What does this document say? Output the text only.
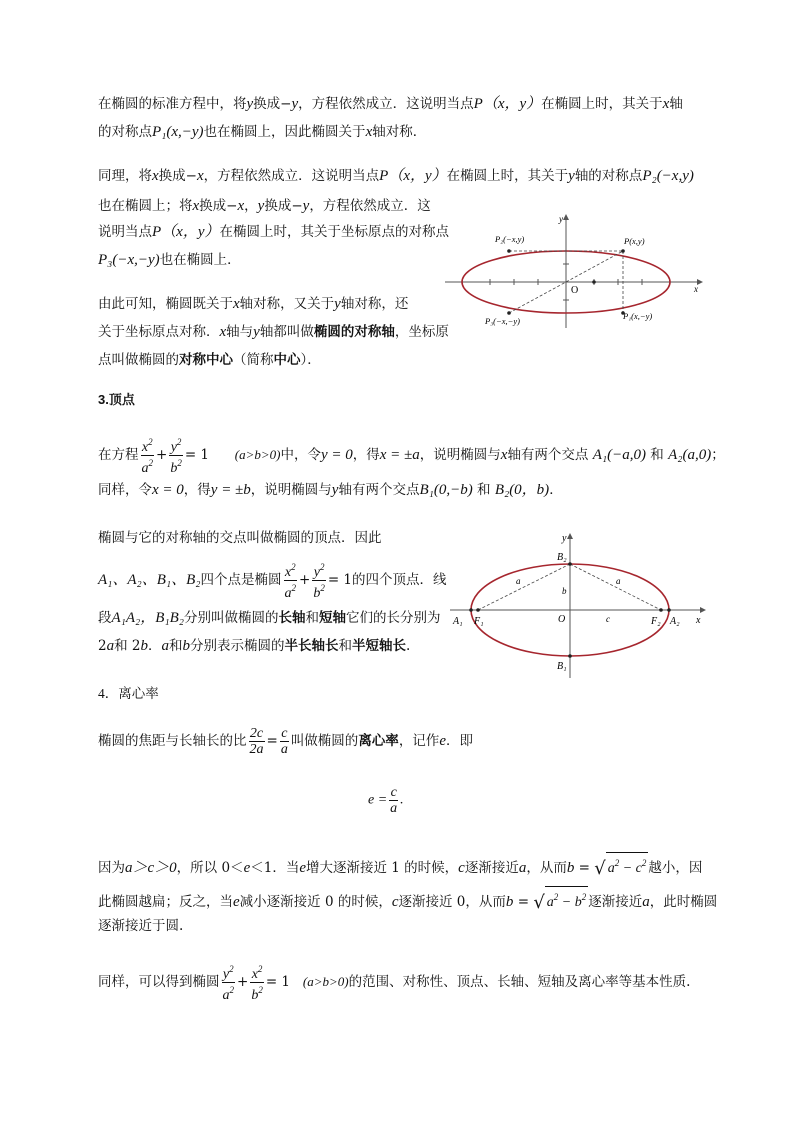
在椭圆的标准方程中，将y换成−y，方程依然成立．这说明当点P（x，y）在椭圆上时，其关于x轴
的对称点P₁(x,−y)也在椭圆上，因此椭圆关于x轴对称．
同理，将x换成−x，方程依然成立．这说明当点P（x，y）在椭圆上时，其关于y轴的对称点P₂(−x,y)
也在椭圆上；将x换成−x，y换成−y，方程依然成立．这
说明当点P（x，y）在椭圆上时，其关于坐标原点的对称点
P₃(−x,−y)也在椭圆上．
由此可知，椭圆既关于x轴对称，又关于y轴对称，还
关于坐标原点对称．x轴与y轴都叫做椭圆的对称轴，坐标原
点叫做椭圆的对称中心（简称中心）．
y
x
P(x,y)
P₁(x,−y)
P₂(−x,y)
P₃(−x,−y)
O
3.顶点
在方程 $\frac{x^2}{a^2} + \frac{y^2}{b^2} = 1$      (a>b>0)中，令y = 0，得x = ±a，说明椭圆与x轴有两个交点 A₁(−a,0) 和 A₂(a,0)；
同样，令x = 0，得y = ±b，说明椭圆与y轴有两个交点B₁(0,−b) 和 B₂(0，b)．
椭圆与它的对称轴的交点叫做椭圆的顶点．因此
A₁、A₂、B₁、B₂四个点是椭圆 $\frac{x^2}{a^2} + \frac{y^2}{b^2} = 1$的四个顶点．线
段A₁A₂，B₁B₂分别叫做椭圆的长轴和短轴它们的长分别为
2a和 2b．a和b分别表示椭圆的半长轴长和半短轴长.
y
x
B₂
B₁
A₁ F₁	F₂ A₂
O
a	a
b
c
4．离心率
椭圆的焦距与长轴长的比 $\frac{2c}{2a} = \frac{c}{a}$ 叫做椭圆的离心率，记作e．即
$e = \frac{c}{a}$ .
因为a＞c＞0，所以 0＜e＜1．当e增大逐渐接近 1 的时候，c逐渐接近a，从而b = √ $a^2 - c^2$ 越小，因
此椭圆越扁；反之，当e减小逐渐接近 0 的时候，c逐渐接近 0，从而b = √ $a^2 - b^2$ 逐渐接近a，此时椭圆
逐渐接近于圆.
同样，可以得到椭圆 $\frac{y^2}{a^2} + \frac{x^2}{b^2} = 1$   (a>b>0)的范围、对称性、顶点、长轴、短轴及离心率等基本性质.
